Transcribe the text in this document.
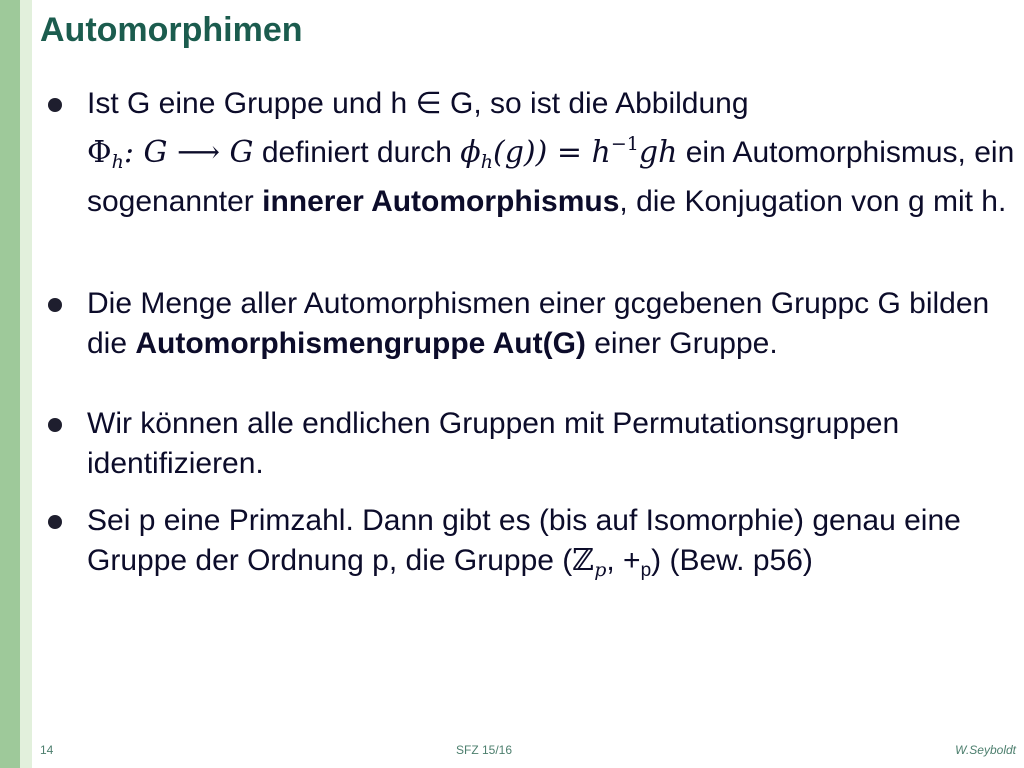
Automorphimen
Ist G eine Gruppe und h ∈ G, so ist die Abbildung
$\Phi_h$: G ⟶ G definiert durch $\phi_h(g)) = h^{-1}gh$ ein Automorphismus, ein sogenannter innerer Automorphismus, die Konjugation von g mit h.
Die Menge aller Automorphismen einer gcgebenen Gruppc G bilden die Automorphismengruppe Aut(G) einer Gruppe.
Wir können alle endlichen Gruppen mit Permutationsgruppen identifizieren.
Sei p eine Primzahl. Dann gibt es (bis auf Isomorphie) genau eine Gruppe der Ordnung p, die Gruppe (ℤ$_p$, $+_p$) (Bew. p56)
14	SFZ 15/16	W.Seyboldt
